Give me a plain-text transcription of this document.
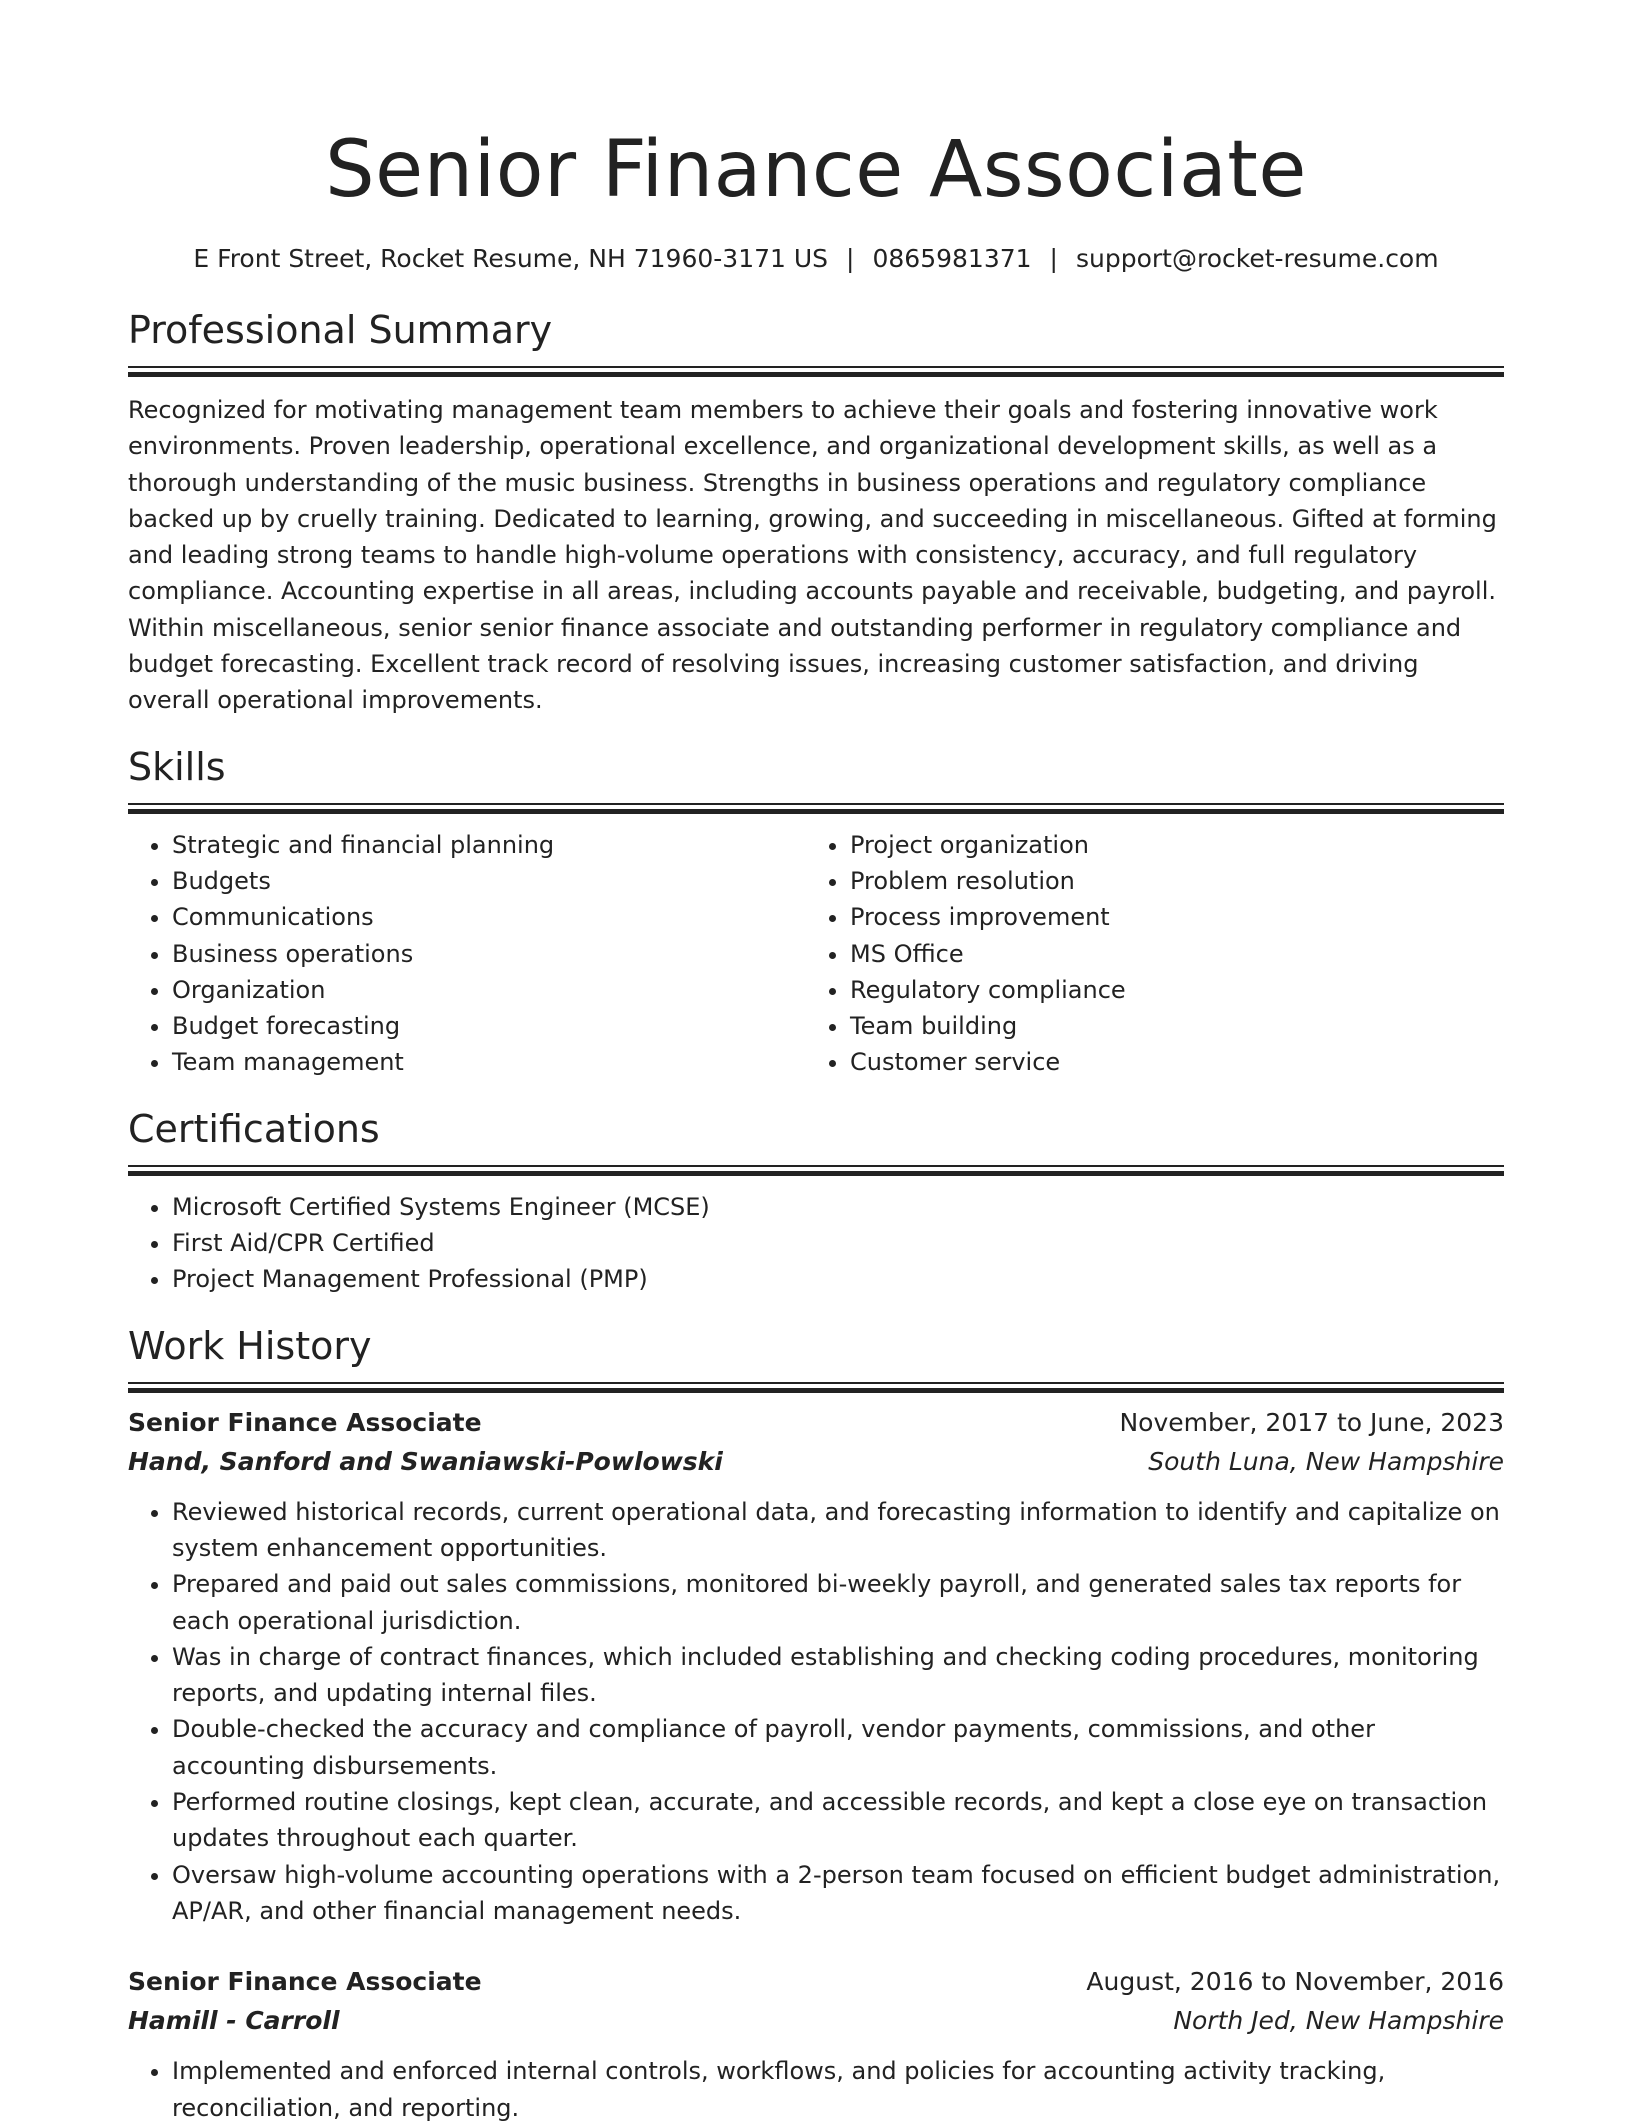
Senior Finance Associate
E Front Street, Rocket Resume, NH 71960-3171 US | 0865981371 | support@rocket-resume.com
Professional Summary

Recognized for motivating management team members to achieve their goals and fostering innovative work environments. Proven leadership, operational excellence, and organizational development skills, as well as a thorough understanding of the music business. Strengths in business operations and regulatory compliance backed up by cruelly training. Dedicated to learning, growing, and succeeding in miscellaneous. Gifted at forming and leading strong teams to handle high-volume operations with consistency, accuracy, and full regulatory compliance. Accounting expertise in all areas, including accounts payable and receivable, budgeting, and payroll. Within miscellaneous, senior senior finance associate and outstanding performer in regulatory compliance and budget forecasting. Excellent track record of resolving issues, increasing customer satisfaction, and driving overall operational improvements.

Skills
• Strategic and financial planning
• Budgets
• Communications
• Business operations
• Organization
• Budget forecasting
• Team management
• Project organization
• Problem resolution
• Process improvement
• MS Office
• Regulatory compliance
• Team building
• Customer service
Certifications
• Microsoft Certified Systems Engineer (MCSE)
• First Aid/CPR Certified
• Project Management Professional (PMP)
Work History
Senior Finance Associate	November, 2017 to June, 2023
Hand, Sanford and Swaniawski-Powlowski	South Luna, New Hampshire
• Reviewed historical records, current operational data, and forecasting information to identify and capitalize on system enhancement opportunities.
• Prepared and paid out sales commissions, monitored bi-weekly payroll, and generated sales tax reports for each operational jurisdiction.
• Was in charge of contract finances, which included establishing and checking coding procedures, monitoring reports, and updating internal files.
• Double-checked the accuracy and compliance of payroll, vendor payments, commissions, and other accounting disbursements.
• Performed routine closings, kept clean, accurate, and accessible records, and kept a close eye on transaction updates throughout each quarter.
• Oversaw high-volume accounting operations with a 2-person team focused on efficient budget administration, AP/AR, and other financial management needs.
Senior Finance Associate	August, 2016 to November, 2016
Hamill - Carroll	North Jed, New Hampshire
• Implemented and enforced internal controls, workflows, and policies for accounting activity tracking, reconciliation, and reporting.
